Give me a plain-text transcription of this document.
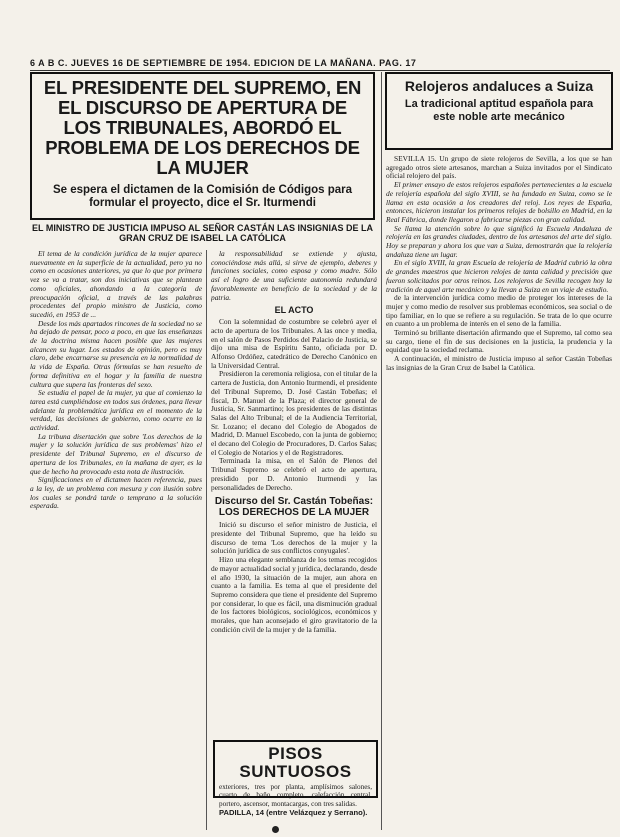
6 A B C. JUEVES 16 DE SEPTIEMBRE DE 1954. EDICION DE LA MAÑANA. PAG. 17
EL PRESIDENTE DEL SUPREMO, EN EL DISCURSO DE APERTURA DE LOS TRIBUNALES, ABORDÓ EL PROBLEMA DE LOS DERECHOS DE LA MUJER

Se espera el dictamen de la Comisión de Códigos para formular el proyecto, dice el Sr. Iturmendi

EL MINISTRO DE JUSTICIA IMPUSO AL SEÑOR CASTÁN LAS INSIGNIAS DE LA GRAN CRUZ DE ISABEL LA CATÓLICA
Relojeros andaluces a Suiza

La tradicional aptitud española para este noble arte mecánico

El tema de la condición jurídica de la mujer aparece nuevamente en la superficie de la actualidad, pero ya no como en ocasiones anteriores, ya que lo que por primera vez se va a tratar, son dos iniciativas que se plantean como oficiales, ahondando a la categoría de preocupación oficial, a través de las palabras procedentes del propio ministro de Justicia, como sucedió, en 1953 de ...

Desde los más apartados rincones de la sociedad no se ha dejado de pensar, poco a poco, en que las enseñanzas de la doctrina misma hacen posible que las mujeres alcancen su lugar. Los estados de opinión, pero es muy claro, debe encarnarse su presencia en la normalidad de la vida de España. Otras fórmulas se han resuelto de forma definitiva en el hogar y la familia de nuestra cultura que supera las fronteras del sexo.

Se estudia el papel de la mujer, ya que al comienzo la tarea está cumpliéndose en todos sus órdenes, para llevar adelante la problemática jurídica en el momento de la verdad, las decisiones de gobierno, como ocurre en la actividad.

La tribuna disertación que sobre 'Los derechos de la mujer y la solución jurídica de sus problemas' hizo el presidente del Tribunal Supremo, en el discurso de apertura de los Tribunales, en la mañana de ayer, es la que de hecho ha provocado esta nota de ilustración.

Significaciones en el dictamen hacen referencia, pues a la ley, de un problema con mesura y con ilusión sobre los cuales se pondrá tarde o temprano a la solución esperada.

la responsabilidad se extiende y ajusta, conociéndose más allá, si sirve de ejemplo, deberes y funciones sociales, como esposa y como madre. Sólo así el logro de una suficiente autonomía redundará favorablemente en beneficio de la sociedad y de la patria.

EL ACTO

Con la solemnidad de costumbre se celebró ayer el acto de apertura de los Tribunales. A las once y media, en el salón de Pasos Perdidos del Palacio de Justicia, se dijo una misa de Espíritu Santo, oficiada por D. Alfonso Ordóñez, catedrático de Derecho Canónico en la Universidad Central.

Presidieron la ceremonia religiosa, con el titular de la cartera de Justicia, don Antonio Iturmendi, el presidente del Tribunal Supremo, D. José Castán Tobeñas; el fiscal, D. Manuel de la Plaza; el director general de Justicia, Sr. Sanmartino; los presidentes de las distintas Salas del Alto Tribunal; el de la Audiencia Territorial, Sr. Lozano; el decano del Colegio de Abogados de Madrid, D. Manuel Escobedo, con la junta de gobierno; el decano del Colegio de Procuradores, D. Carlos Salas; el Colegio de Notarios y el de Registradores.

Terminada la misa, en el Salón de Plenos del Tribunal Supremo se celebró el acto de apertura, presidido por D. Antonio Iturmendi y las personalidades de Derecho.

Discurso del Sr. Castán Tobeñas: LOS DERECHOS DE LA MUJER

Inició su discurso el señor ministro de Justicia, el presidente del Tribunal Supremo, que ha leído su discurso de tema 'Los derechos de la mujer y la solución jurídica de sus conflictos conyugales'.

Hizo una elegante semblanza de los temas recogidos de mayor actualidad social y jurídica, declarando, desde el año 1930, la situación de la mujer, aun ahora en cuanto a la familia. Es tema al que el presidente del Supremo considera que tiene el presidente del Supremo por considerar, lo que es fácil, una disminución gradual de los factores biológicos, sociológicos, económicos y morales, que han aconsejado el giro gravitatorio de la condición civil de la mujer y de la familia.

SEVILLA 15. Un grupo de siete relojeros de Sevilla, a los que se han agregado otros siete artesanos, marchan a Suiza invitados por el Sindicato oficial relojero del país.

El primer ensayo de estos relojeros españoles pertenecientes a la escuela de relojería española del siglo XVIII, se ha fundado en Suiza, como se le llama en esta ocasión a los creadores del reloj. Los reyes de España, entonces, hicieron instalar los primeros relojes de bolsillo en Madrid, en la Real Fábrica, donde llegaron a fabricarse piezas con gran calidad.

Se llama la atención sobre lo que significó la Escuela Andaluza de relojería en las grandes ciudades, dentro de los artesanos del arte del siglo. Hoy se preparan y ahora los que van a Suiza, demostrarán que la relojería andaluza tiene un lugar.

En el siglo XVIII, la gran Escuela de relojería de Madrid cubrió la obra de grandes maestros que hicieron relojes de tanta calidad y precisión que fueron solicitados por otros reinos. Los relojeros de Sevilla recogen hoy la tradición de aquel arte mecánico y la llevan a Suiza en un viaje de estudio.

de la intervención jurídica como medio de proteger los intereses de la mujer y como medio de resolver sus problemas económicos, sea social o de tipo familiar, en lo que se refiere a su regulación. Se trata de lo que ocurre en cuanto a un problema de interés en el seno de la familia.

Terminó su brillante disertación afirmando que el Supremo, tal como sea su cargo, tiene el fin de sus decisiones en la justicia, la prudencia y la equidad que la sociedad reclama.

A continuación, el ministro de Justicia impuso al señor Castán Tobeñas las insignias de la Gran Cruz de Isabel la Católica.

PISOS SUNTUOSOS

exteriores, tres por planta, amplísimos salones, cuarto de baño completo, calefacción central, portero, ascensor, montacargas, con tres salidas.

PADILLA, 14 (entre Velázquez y Serrano).
